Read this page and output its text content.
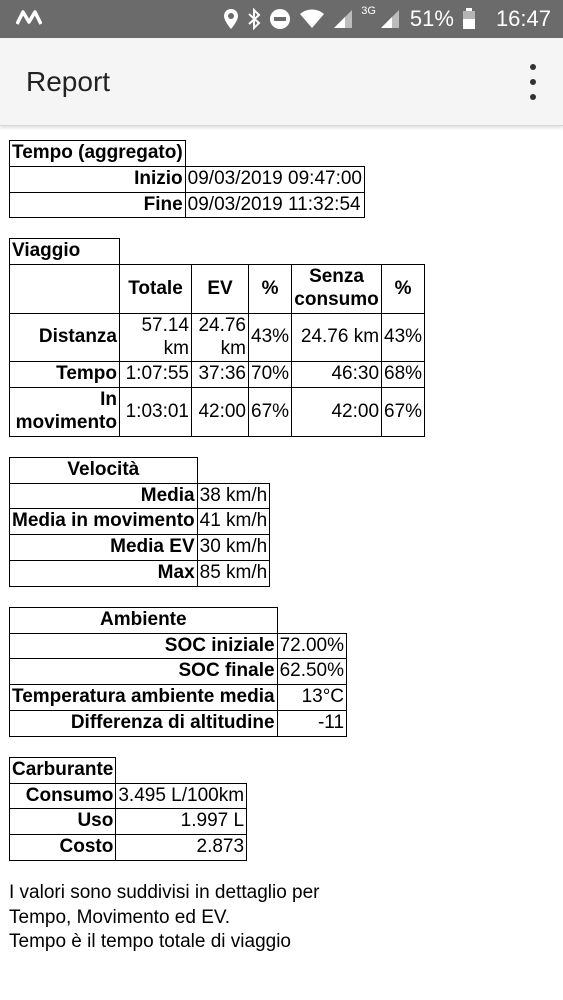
3G 51% 16:47
Report
Tempo (aggregato)	
Inizio	09/03/2019 09:47:00
Fine	09/03/2019 11:32:54
Viaggio					
	Totale	EV	%	Senza consumo	%
Distanza	57.14 km	24.76 km	43%	24.76 km	43%
Tempo	1:07:55	37:36	70%	46:30	68%
In movimento	1:03:01	42:00	67%	42:00	67%
Velocità	
Media	38 km/h
Media in movimento	41 km/h
Media EV	30 km/h
Max	85 km/h
Ambiente	
SOC iniziale	72.00%
SOC finale	62.50%
Temperatura ambiente media	13°C
Differenza di altitudine	-11
Carburante	
Consumo	3.495 L/100km
Uso	1.997 L
Costo	2.873
I valori sono suddivisi in dettaglio per
Tempo, Movimento ed EV.
Tempo è il tempo totale di viaggio
